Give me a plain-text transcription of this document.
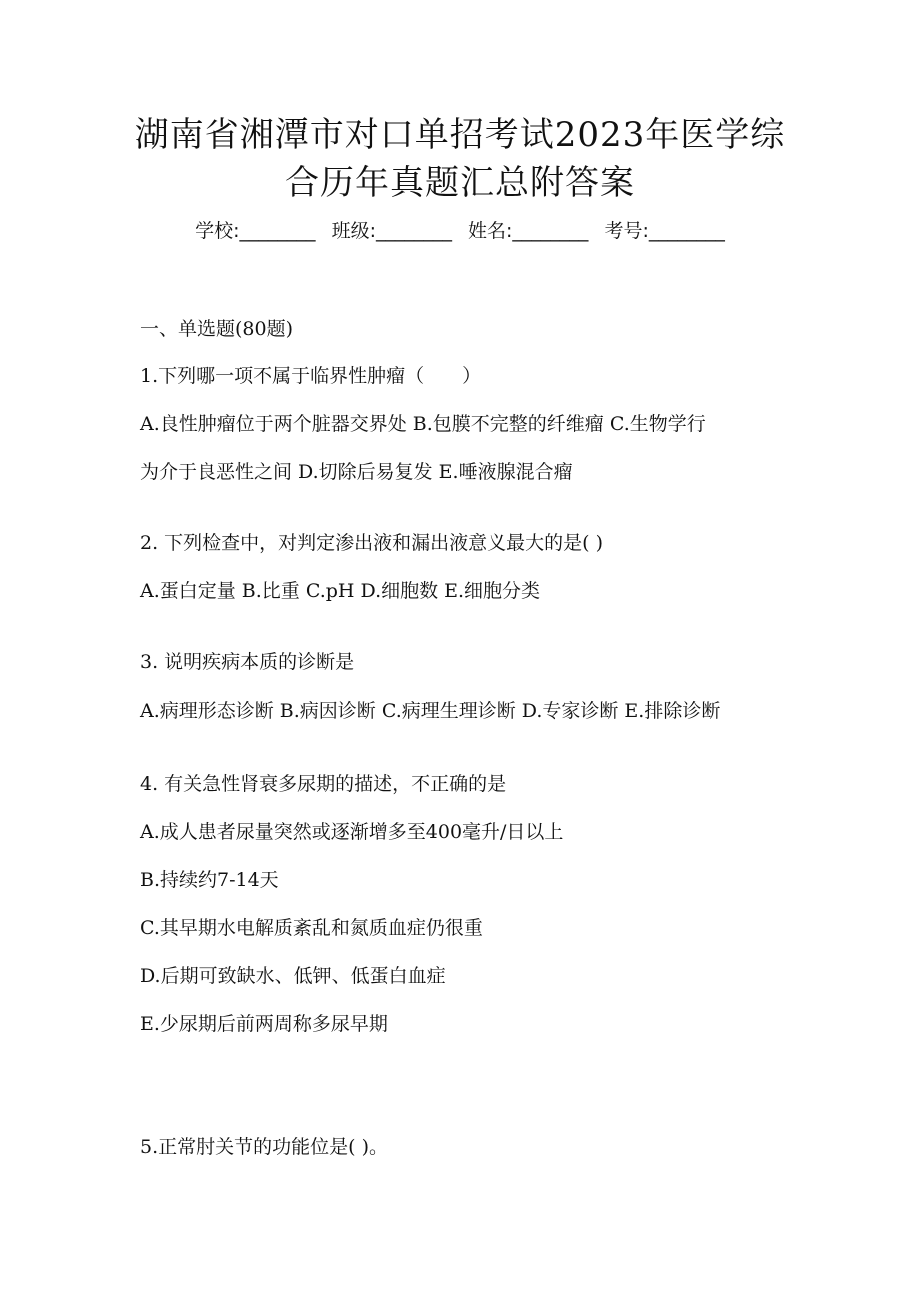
湖南省湘潭市对口单招考试2023年医学综
合历年真题汇总附答案
学校:________ 班级:________ 姓名:________ 考号:________
一、单选题(80题)
1.下列哪一项不属于临界性肿瘤（　　）
A.良性肿瘤位于两个脏器交界处 B.包膜不完整的纤维瘤 C.生物学行
为介于良恶性之间 D.切除后易复发 E.唾液腺混合瘤
2. 下列检查中，对判定渗出液和漏出液意义最大的是( )
A.蛋白定量 B.比重 C.pH D.细胞数 E.细胞分类
3. 说明疾病本质的诊断是
A.病理形态诊断 B.病因诊断 C.病理生理诊断 D.专家诊断 E.排除诊断
4. 有关急性肾衰多尿期的描述，不正确的是
A.成人患者尿量突然或逐渐增多至400毫升/日以上
B.持续约7-14天
C.其早期水电解质紊乱和氮质血症仍很重
D.后期可致缺水、低钾、低蛋白血症
E.少尿期后前两周称多尿早期
5.正常肘关节的功能位是( )。
